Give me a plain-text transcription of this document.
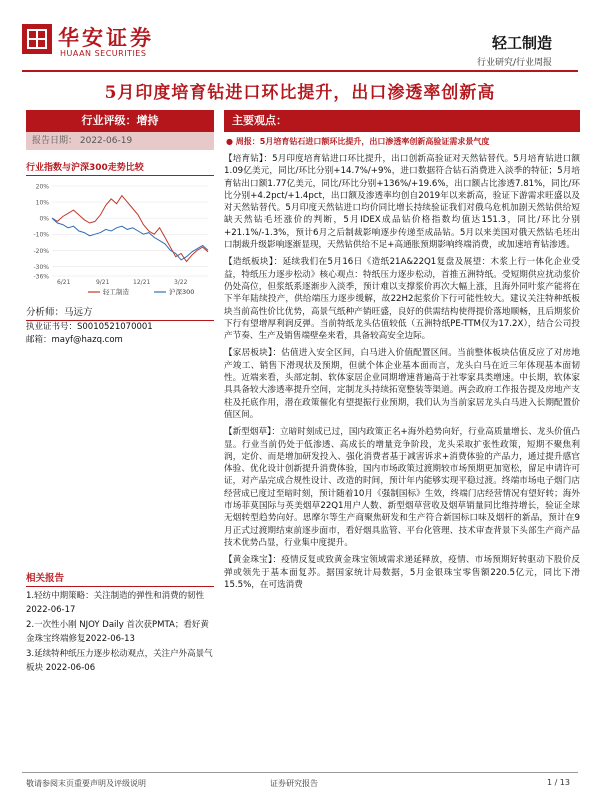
华安证券
HUAAN SECURITIES
轻工制造
行业研究/行业周报
5月印度培育钻进口环比提升，出口渗透率创新高
行业评级：增持
报告日期： 2022-06-19
行业指数与沪深300走势比较
20%
10%
0%
-10%
-20%
-30%
-36%
6/21	9/21	12/21	3/22
轻工制造	沪深300
分析师：马远方
执业证书号：S0010521070001
邮箱：mayf@hazq.com
相关报告
1.轻纺中期策略：关注制造的弹性和消费的韧性 2022-06-17
2.一次性小刚 NJOY Daily 首次获PMTA；看好黄金珠宝终端修复2022-06-13
3.延续特种纸压力逐步松动观点，关注户外高景气板块 2022-06-06
主要观点：
● 周报：5月培育钻石进口额环比提升，出口渗透率创新高验证需求景气度
【培育钻】：5月印度培育钻进口环比提升，出口创新高验证对天然钻替代。5月培育钻进口额1.09亿美元，同比/环比分别+14.7%/+9%，进口数据符合钻石消费进入淡季的特征；5月培育钻出口额1.77亿美元，同比/环比分别+136%/+19.6%，出口额占比渗透7.81%，同比/环比分别+4.2pct/+1.4pct，出口额及渗透率均创自2019年以来新高，验证下游需求旺盛以及对天然钻替代。5月印度天然钻进口均价同比增长持续验证我们对俄乌危机加剧天然钻供给短缺天然钻毛坯涨价的判断，5月IDEX成品钻价格指数均值达151.3，同比/环比分别+21.1%/-1.3%，预计6月之后制裁影响逐步传递至成品钻。5月以来美国对俄天然钻毛坯出口制裁升级影响逐渐显现，天然钻供给不足+高通胀预期影响终端消费，或加速培育钻渗透。
【造纸板块】：延续我们在5月16日《造纸21A&22Q1复盘及展望：木浆上行一体化企业受益，特纸压力逐步松动》核心观点：特纸压力逐步松动，首推五洲特纸。受短期供应扰动浆价仍处高位，但浆纸系逐渐步入淡季，预计难以支撑浆价再次大幅上涨，且海外同叶浆产能将在下半年陆续投产，供给端压力逐步缓解，故22H2起浆价下行可能性较大。建议关注特种纸板块当前高性价比优势，高景气纸种产销旺盛，良好的供需结构使得提价落地顺畅，且后期浆价下行有望增厚利润反弹。当前特纸龙头估值较低（五洲特纸PE-TTM仅为17.2X），结合公司投产节奏、生产及销售端壁垒来看，具备较高安全边际。
【家居板块】：估值进入安全区间，白马进入价值配置区间。当前整体板块估值反应了对房地产竣工、销售下滑现状及预期，但就个体企业基本面而言，龙头白马在近三年体现基本面韧性。近端来看，头部定制、软体家居企业同期增速普遍高于社零家具类增速。中长期，软体家具具备较大渗透率提升空间，定制龙头持续拓宽整装等渠道。两会政府工作报告提及房地产支柱及托底作用，潜在政策催化有望提振行业预期，我们认为当前家居龙头白马进入长期配置价值区间。
【新型烟草】：立暗时刻成已过，国内政策正名+海外趋势向好，行业高质量增长、龙头价值凸显。行业当前仍处于低渗透、高成长的增量竞争阶段，龙头采取扩张性政策，短期不聚焦利润，定价、而是增加研发投入、强化消费者基于减害诉求+消费体验的产品力，通过提升感官体验、优化设计创新提升消费体验，国内市场政策过渡期较市场预期更加宽松，留足申请许可证，对产品完成合规性设计、改造的时间，预计年内能够实现平稳过渡。终端市场电子烟门店经营成已度过至暗时刻，预计随着10月《强制国标》生效，终端门店经营情况有望好转；海外市场菲莫国际与英美烟草22Q1用户人数、新型烟草营收及烟草销量同比维持增长，验证全球无烟转型趋势向好。思摩尔等生产商聚焦研发和生产符合新国标口味及烟杆的新品，预计在9月正式过渡期结束前逐步面市，看好烟具监管、平台化管理、技术审查背景下头部生产商产品技术优势凸显，行业集中度提升。
【黄金珠宝】：疫情反复或致黄金珠宝领域需求递延释放，疫情、市场预期好转驱动下股价反弹或领先于基本面复苏。据国家统计局数据，5月金银珠宝零售额220.5亿元，同比下滑15.5%，在可选消费
敬请参阅末页重要声明及评级说明	证券研究报告	1 / 13
